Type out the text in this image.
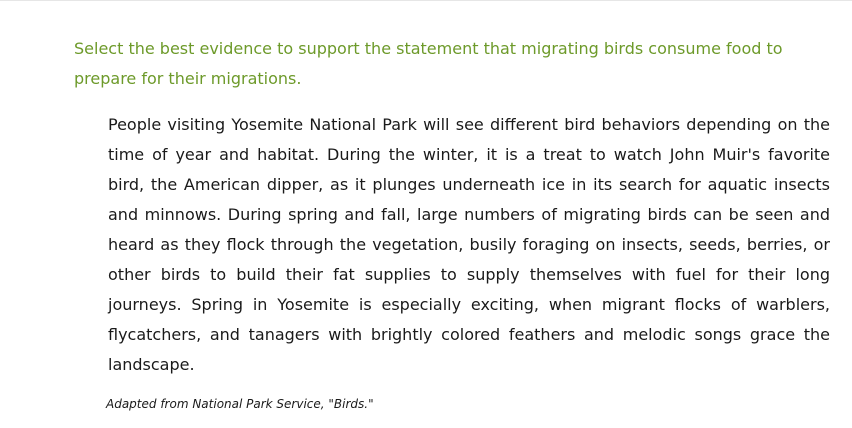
Select the best evidence to support the statement that migrating birds consume food to prepare for their migrations.

People visiting Yosemite National Park will see different bird behaviors depending on the time of year and habitat. During the winter, it is a treat to watch John Muir's favorite bird, the American dipper, as it plunges underneath ice in its search for aquatic insects and minnows. During spring and fall, large numbers of migrating birds can be seen and heard as they flock through the vegetation, busily foraging on insects, seeds, berries, or other birds to build their fat supplies to supply themselves with fuel for their long journeys. Spring in Yosemite is especially exciting, when migrant flocks of warblers, flycatchers, and tanagers with brightly colored feathers and melodic songs grace the landscape.

Adapted from National Park Service, "Birds."
